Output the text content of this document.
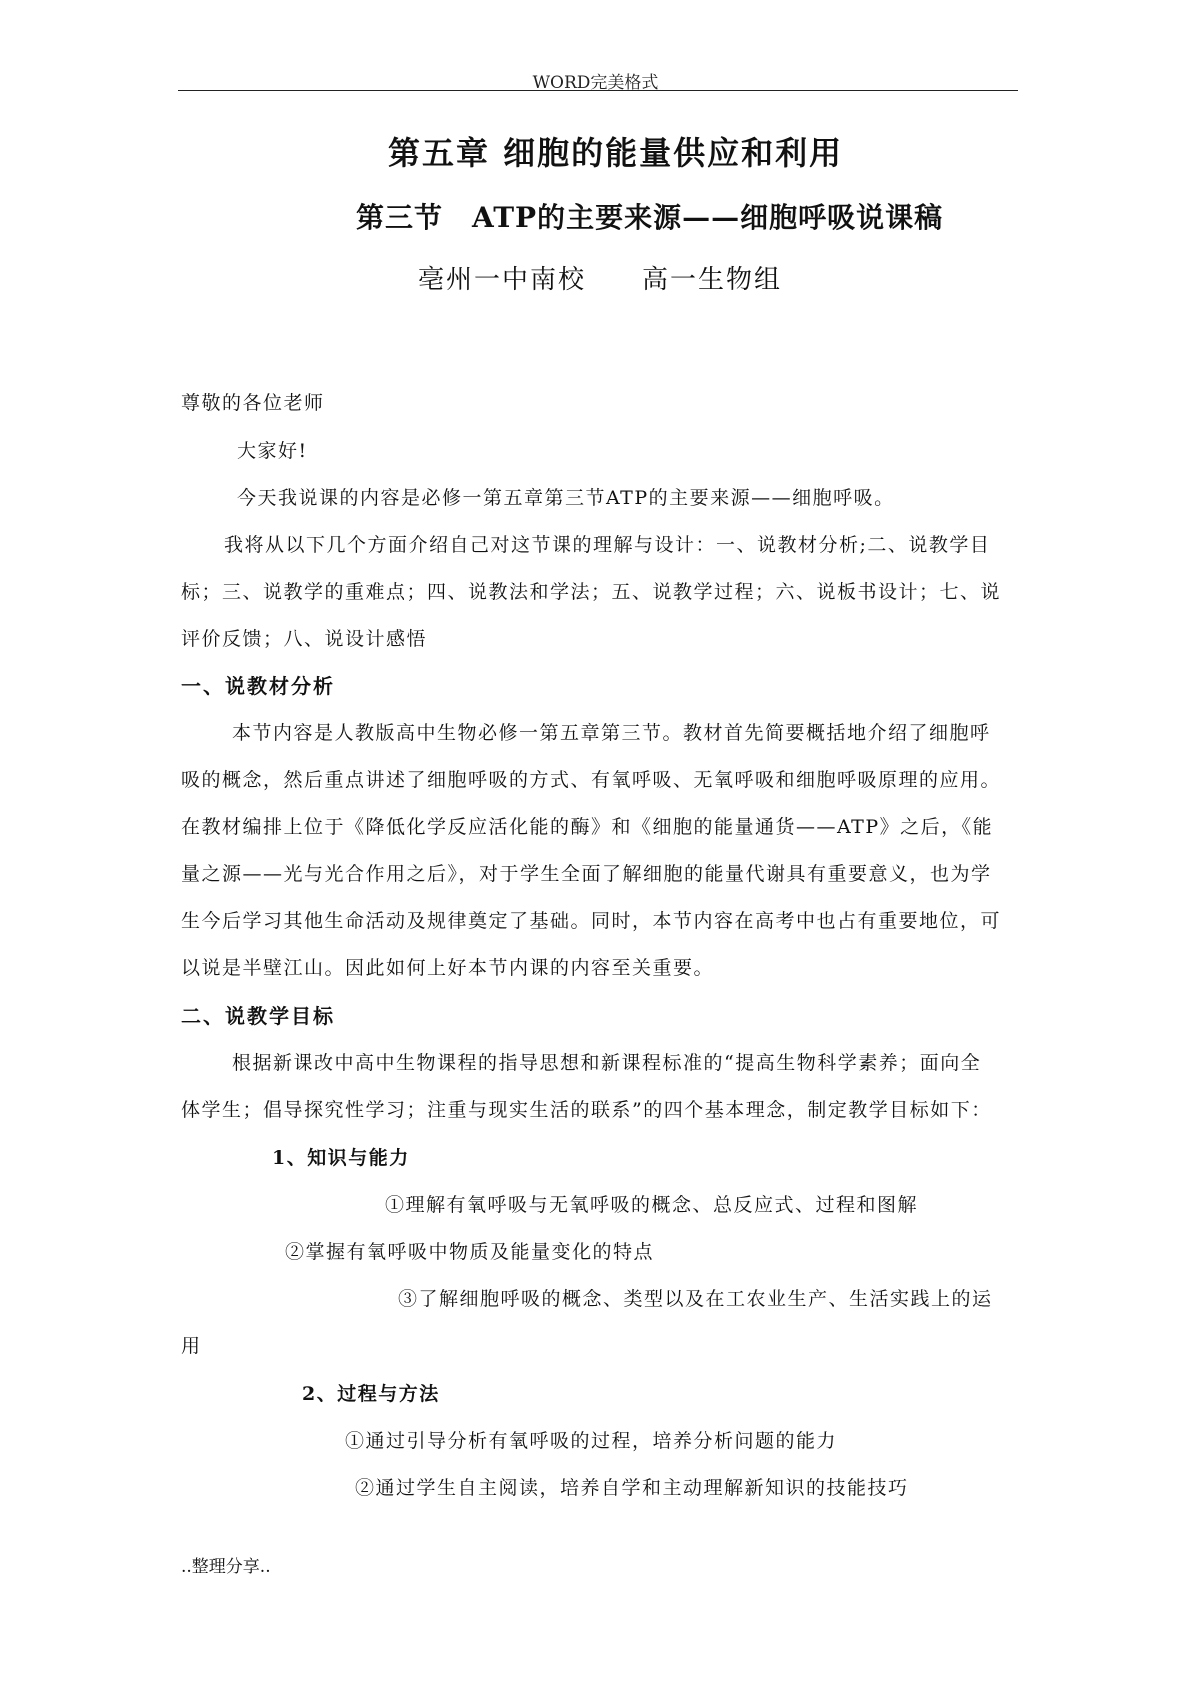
WORD完美格式
第五章 细胞的能量供应和利用
第三节　ATP的主要来源——细胞呼吸说课稿
亳州一中南校 高一生物组
尊敬的各位老师
大家好!
今天我说课的内容是必修一第五章第三节ATP的主要来源——细胞呼吸。
我将从以下几个方面介绍自己对这节课的理解与设计：一、说教材分析;二、说教学目
标；三、说教学的重难点；四、说教法和学法；五、说教学过程；六、说板书设计；七、说
评价反馈；八、说设计感悟
一、说教材分析
本节内容是人教版高中生物必修一第五章第三节。教材首先简要概括地介绍了细胞呼
吸的概念，然后重点讲述了细胞呼吸的方式、有氧呼吸、无氧呼吸和细胞呼吸原理的应用。
在教材编排上位于《降低化学反应活化能的酶》和《细胞的能量通货——ATP》之后，《能
量之源——光与光合作用之后》，对于学生全面了解细胞的能量代谢具有重要意义，也为学
生今后学习其他生命活动及规律奠定了基础。同时，本节内容在高考中也占有重要地位，可
以说是半壁江山。因此如何上好本节内课的内容至关重要。
二、说教学目标
根据新课改中高中生物课程的指导思想和新课程标准的“提高生物科学素养；面向全
体学生；倡导探究性学习；注重与现实生活的联系”的四个基本理念，制定教学目标如下：
1、知识与能力
①理解有氧呼吸与无氧呼吸的概念、总反应式、过程和图解
②掌握有氧呼吸中物质及能量变化的特点
③了解细胞呼吸的概念、类型以及在工农业生产、生活实践上的运
用
2、过程与方法
①通过引导分析有氧呼吸的过程，培养分析问题的能力
②通过学生自主阅读，培养自学和主动理解新知识的技能技巧
..整理分享..
